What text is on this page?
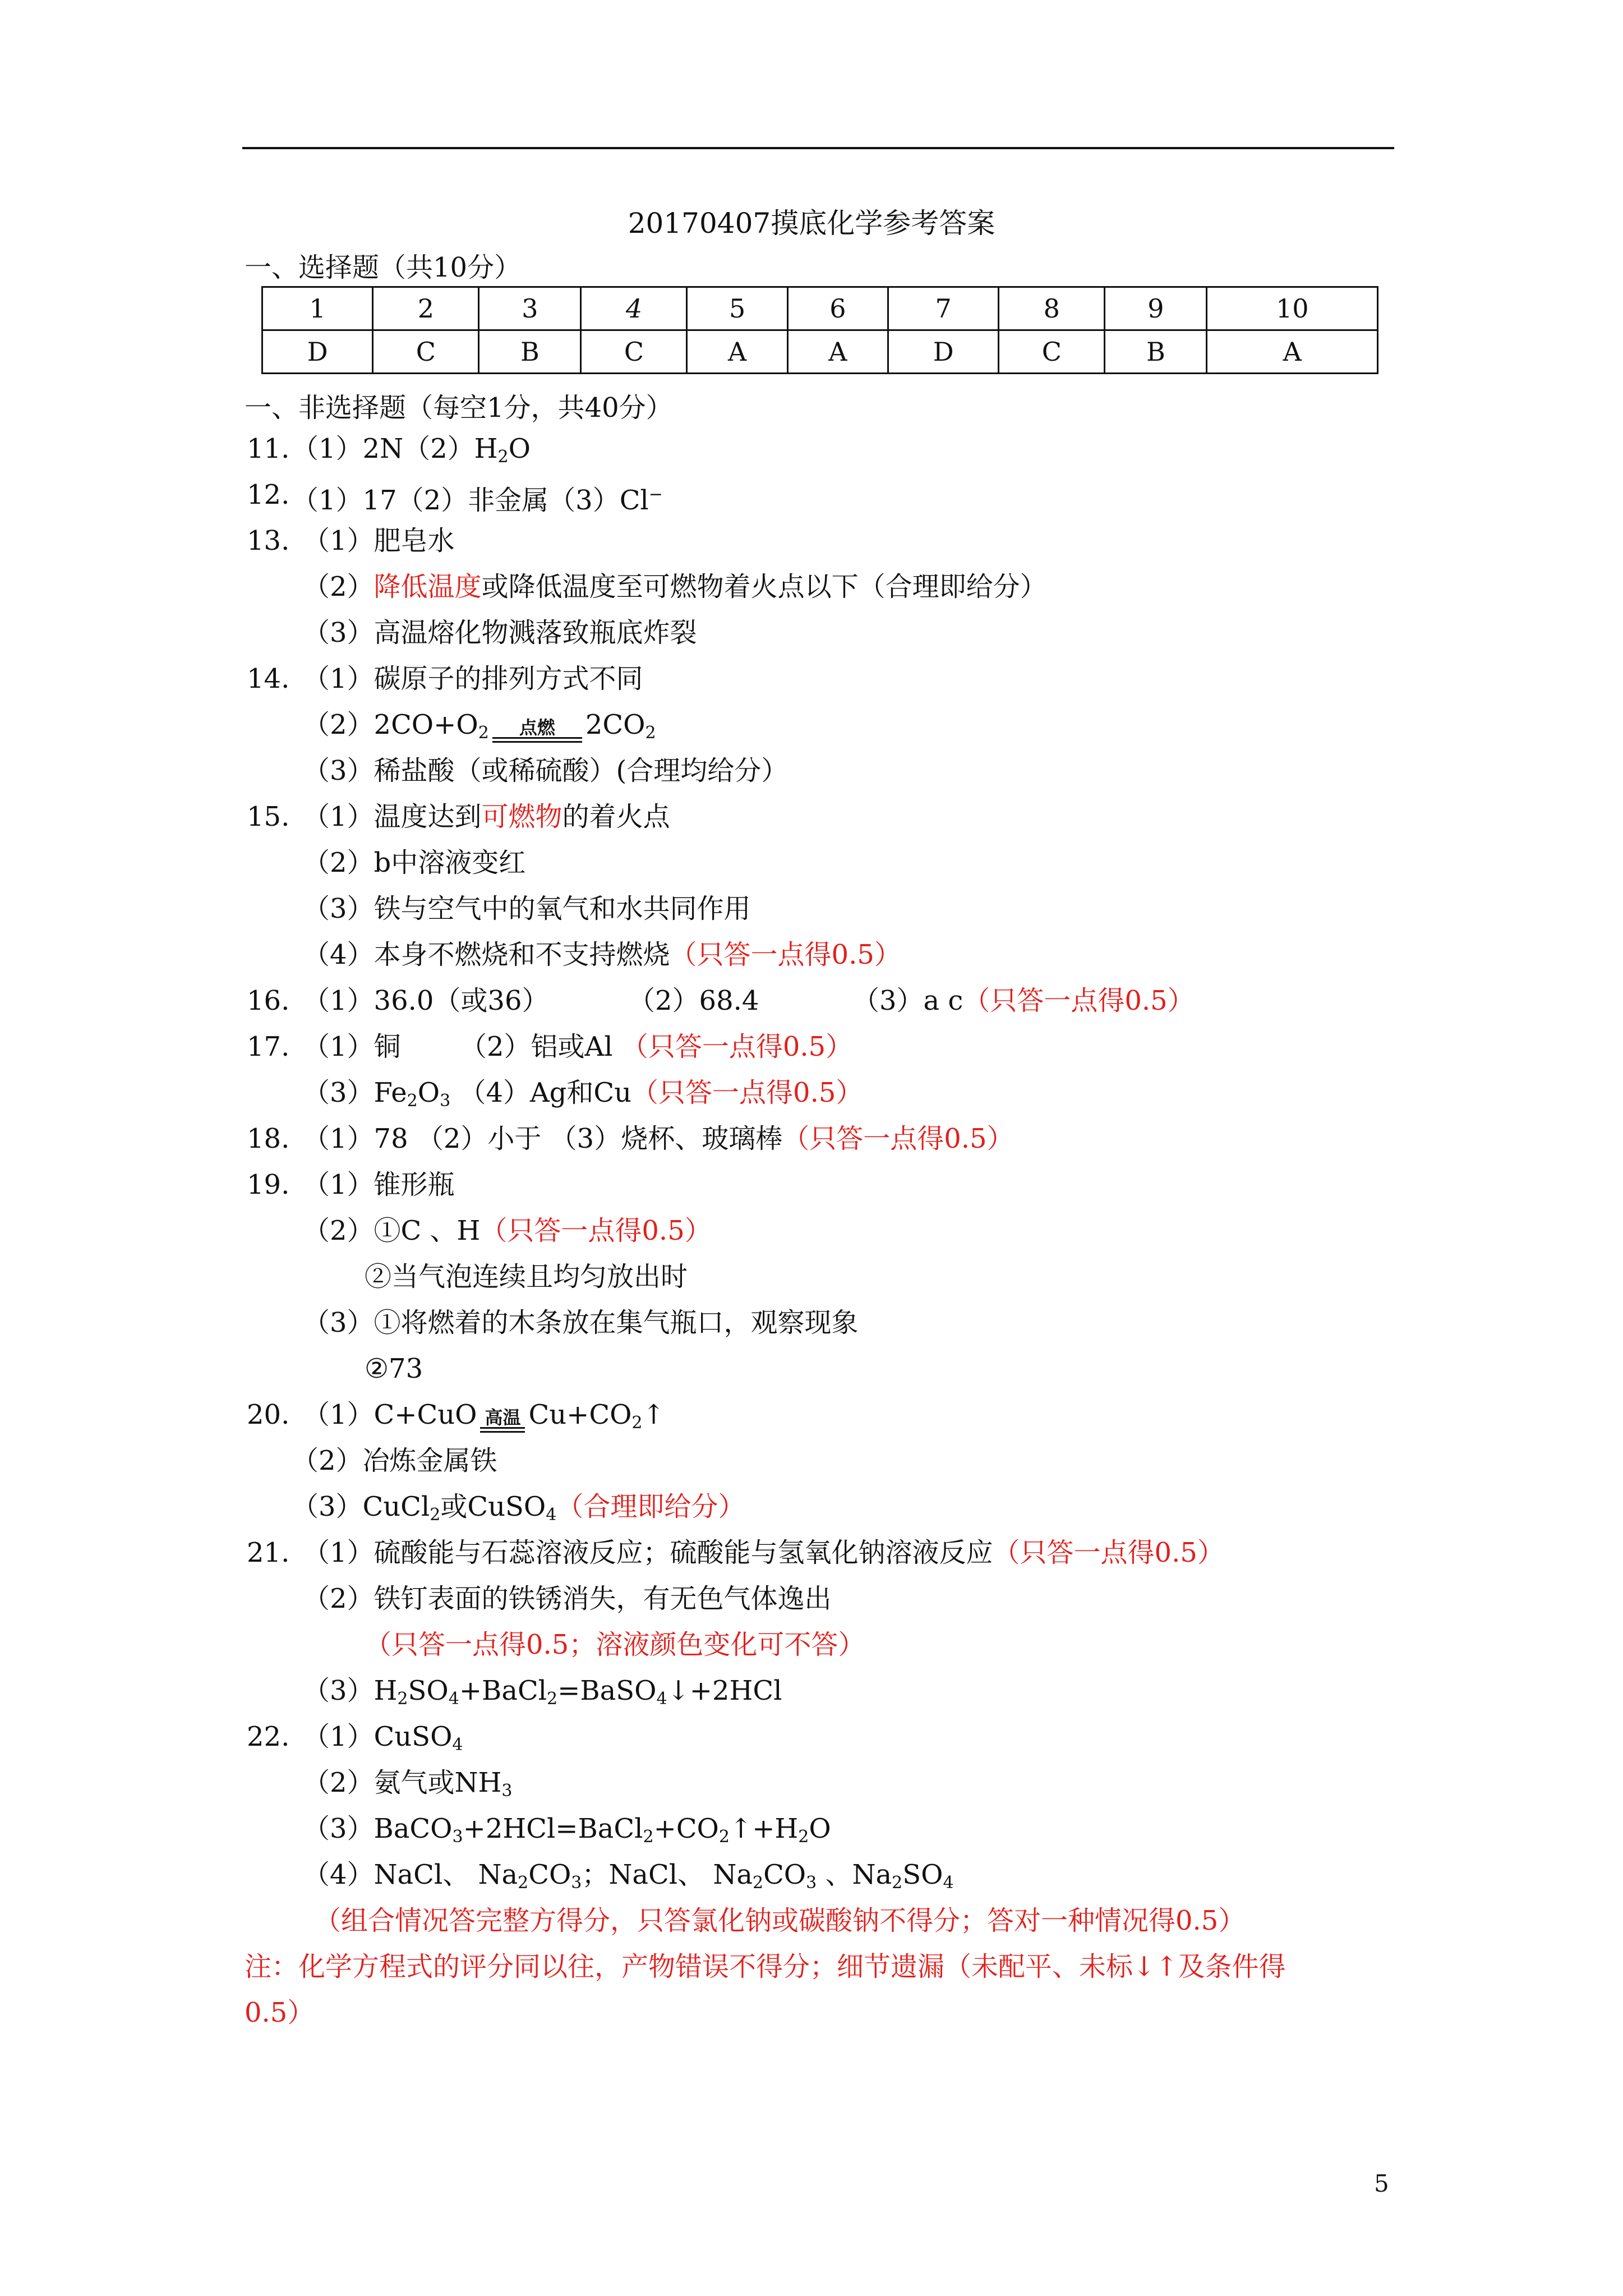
20170407摸底化学参考答案
一、选择题（共10分）
1	2	3	4	5	6	7	8	9	10
D	C	B	C	A	A	D	C	B	A
一、非选择题（每空1分，共40分）
11. $(1)2N(2)H_2O$
12. （1）17（2）非金属（3）Cl−
13. （1）肥皂水
（2）降低温度或降低温度至可燃物着火点以下（合理即给分）
（3）高温熔化物溅落致瓶底炸裂
14. （1）碳原子的排列方式不同
$(2)2CO+O_2$	点燃	$2CO_2$
（3）稀盐酸（或稀硫酸）(合理均给分）
15. （1）温度达到可燃物的着火点
（2）b中溶液变红
（3）铁与空气中的氧气和水共同作用
（4）本身不燃烧和不支持燃烧（只答一点得0.5）
16. （1）36.0（或36）	（2）68.4	（3）a c（只答一点得0.5）
17. （1）铜 （2）铝或Al （只答一点得0.5）
$(3)Fe_2O_3$ （4）Ag和Cu（只答一点得0.5）
18. （1）78 （2）小于 （3）烧杯、玻璃棒（只答一点得0.5）
19. （1）锥形瓶
（2）①C 、H（只答一点得0.5）
②当气泡连续且均匀放出时
（3）①将燃着的木条放在集气瓶口，观察现象
②73
20. （1）C+CuO 高温 $Cu+CO_2↑$
（2）冶炼金属铁
（3）CuCl$_2$或CuSO$_4$（合理即给分）
21. （1）硫酸能与石蕊溶液反应；硫酸能与氢氧化钠溶液反应（只答一点得0.5）
（2）铁钉表面的铁锈消失，有无色气体逸出
（只答一点得0.5；溶液颜色变化可不答）
$(3)H_2SO_4+BaCl_2=BaSO_4↓+2HCl$
22. （1）CuSO$_4$
（2）氨气或$NH_3$
$(3)BaCO_3+2HCl=BaCl_2+CO_2↑+H_2O$
（4）NaCl、 $Na_2CO_3$；NaCl、 $Na_2CO_3$ 、$Na_2SO_4$
（组合情况答完整方得分，只答氯化钠或碳酸钠不得分；答对一种情况得0.5）
注：化学方程式的评分同以往，产物错误不得分；细节遗漏（未配平、未标↓↑及条件得
0.5）
5
